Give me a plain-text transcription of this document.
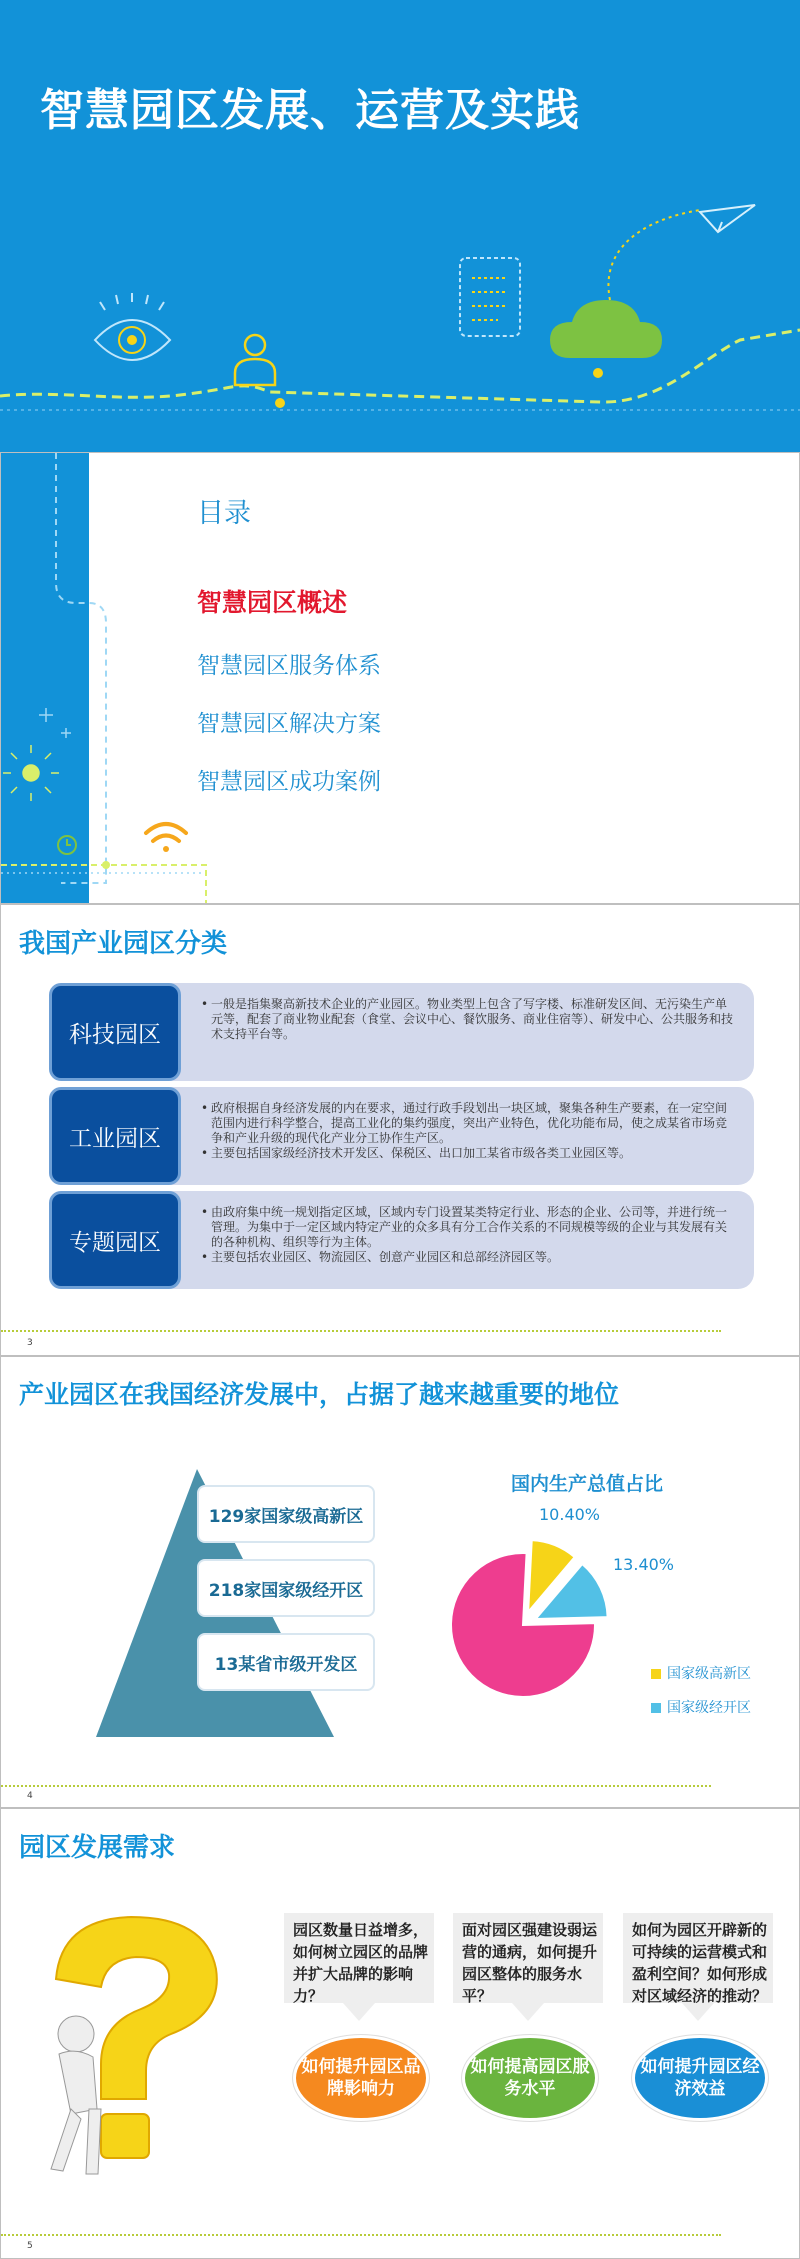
智慧园区发展、运营及实践
目录
智慧园区概述
智慧园区服务体系
智慧园区解决方案
智慧园区成功案例
我国产业园区分类
科技园区
• 一般是指集聚高新技术企业的产业园区。物业类型上包含了写字楼、标准研发区间、无污染生产单元等，配套了商业物业配套（食堂、会议中心、餐饮服务、商业住宿等）、研发中心、公共服务和技术支持平台等。
工业园区
• 政府根据自身经济发展的内在要求，通过行政手段划出一块区域，聚集各种生产要素，在一定空间范围内进行科学整合，提高工业化的集约强度，突出产业特色，优化功能布局，使之成某省市场竞争和产业升级的现代化产业分工协作生产区。
• 主要包括国家级经济技术开发区、保税区、出口加工某省市级各类工业园区等。
专题园区
• 由政府集中统一规划指定区域，区域内专门设置某类特定行业、形态的企业、公司等，并进行统一管理。为集中于一定区域内特定产业的众多具有分工合作关系的不同规模等级的企业与其发展有关的各种机构、组织等行为主体。
• 主要包括农业园区、物流园区、创意产业园区和总部经济园区等。
3
产业园区在我国经济发展中，占据了越来越重要的地位
129家国家级高新区
218家国家级经开区
13某省市级开发区
国内生产总值占比
10.40%
13.40%
国家级高新区
国家级经开区
4
园区发展需求
园区数量日益增多，如何树立园区的品牌并扩大品牌的影响力？
如何提升园区品牌影响力
面对园区强建设弱运营的通病，如何提升园区整体的服务水平？
如何提高园区服务水平
如何为园区开辟新的可持续的运营模式和盈利空间？如何形成对区域经济的推动？
如何提升园区经济效益
5
